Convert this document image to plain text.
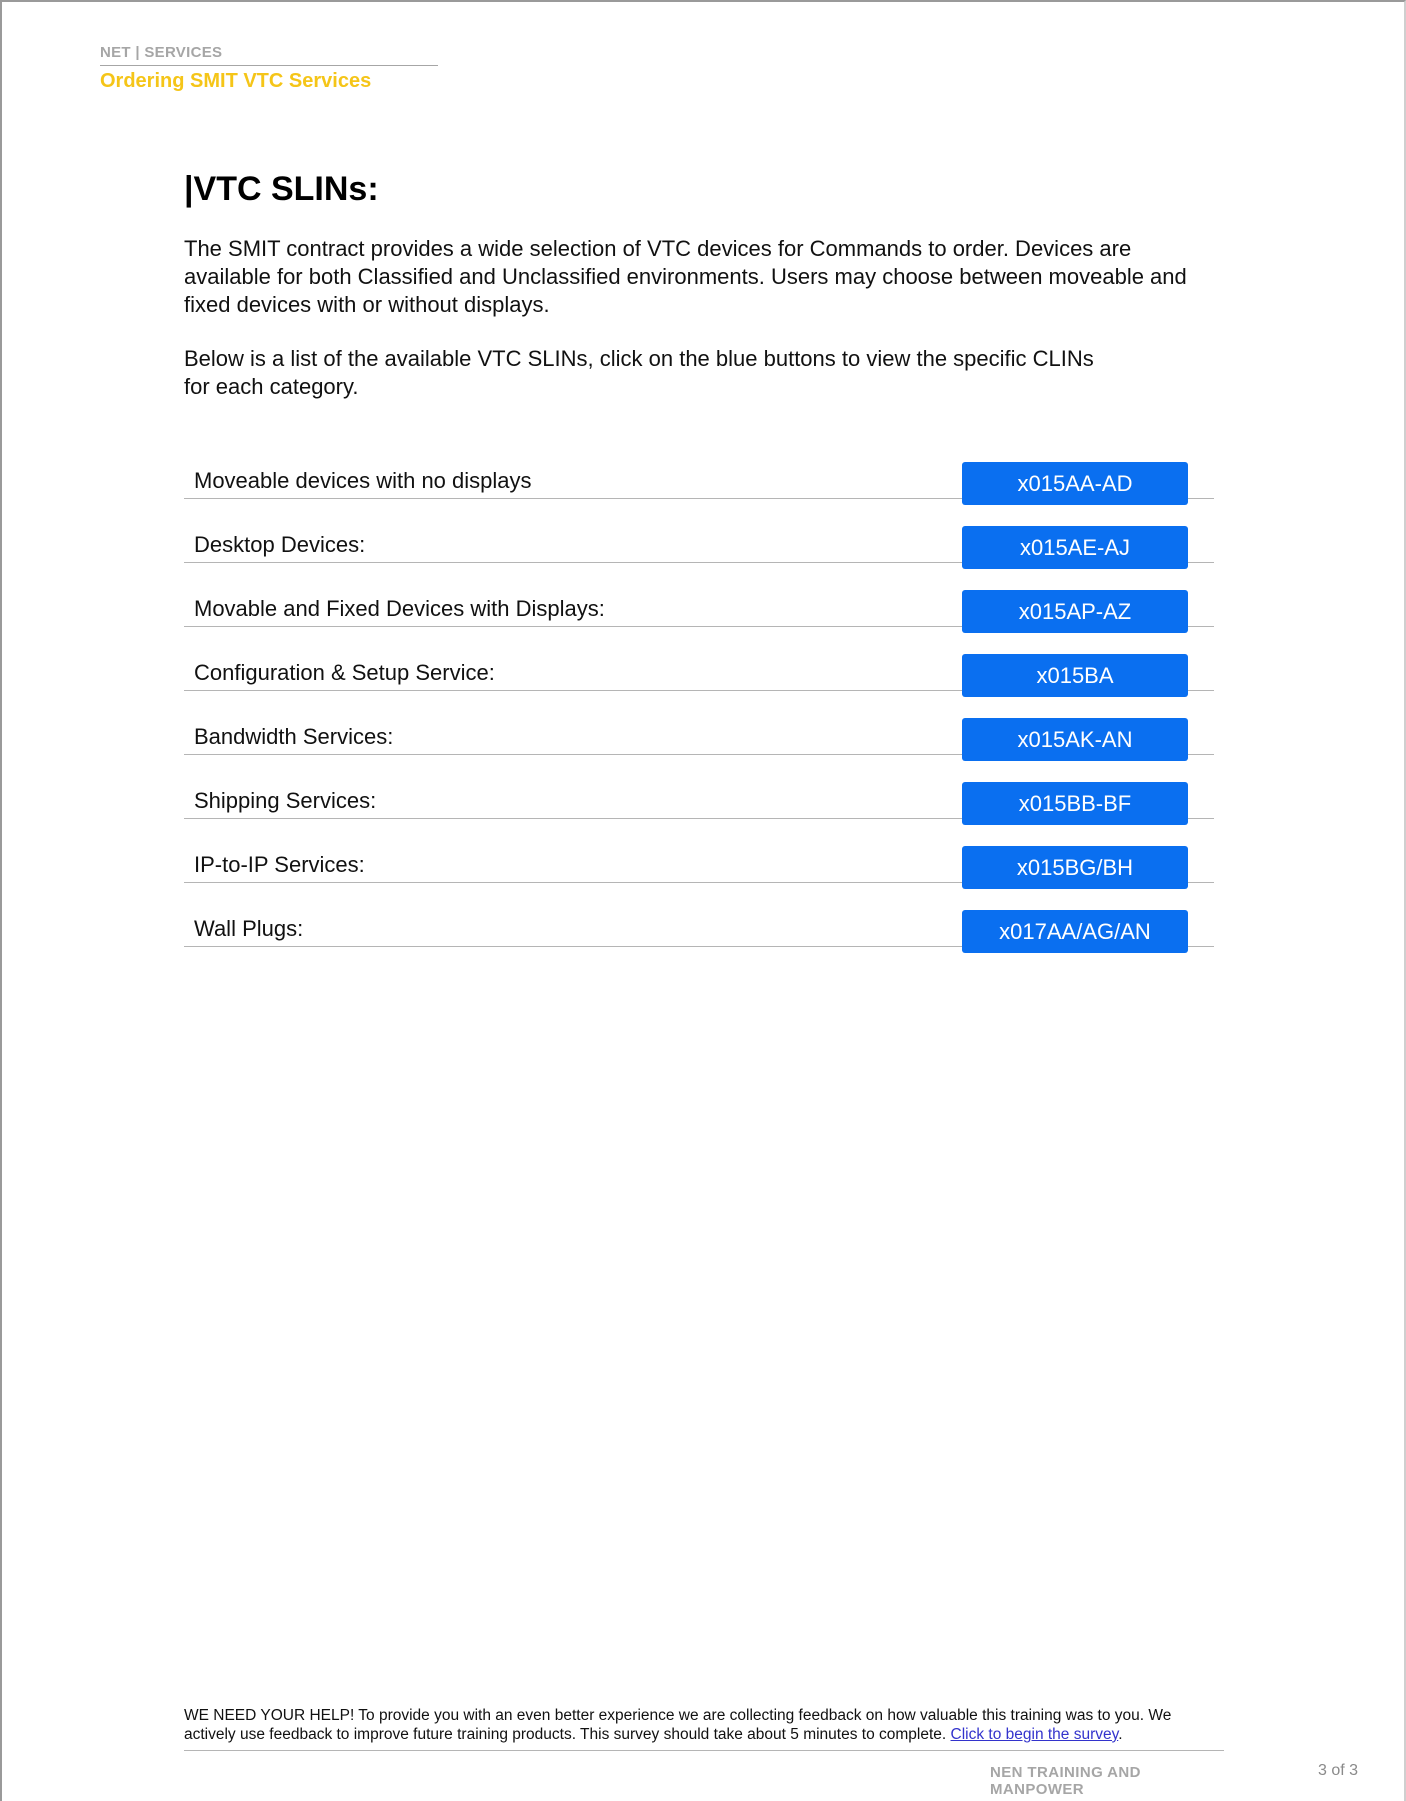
NET | SERVICES
Ordering SMIT VTC Services
|VTC SLINs:

The SMIT contract provides a wide selection of VTC devices for Commands to order. Devices are available for both Classified and Unclassified environments. Users may choose between moveable and fixed devices with or without displays.

Below is a list of the available VTC SLINs, click on the blue buttons to view the specific CLINs for each category.

Moveable devices with no displays	x015AA-AD
Desktop Devices:	x015AE-AJ
Movable and Fixed Devices with Displays:	x015AP-AZ
Configuration & Setup Service:	x015BA
Bandwidth Services:	x015AK-AN
Shipping Services:	x015BB-BF
IP-to-IP Services:	x015BG/BH
Wall Plugs:	x017AA/AG/AN
WE NEED YOUR HELP! To provide you with an even better experience we are collecting feedback on how valuable this training was to you. We actively use feedback to improve future training products. This survey should take about 5 minutes to complete. Click to begin the survey.
NEN TRAINING AND MANPOWER
3 of 3
